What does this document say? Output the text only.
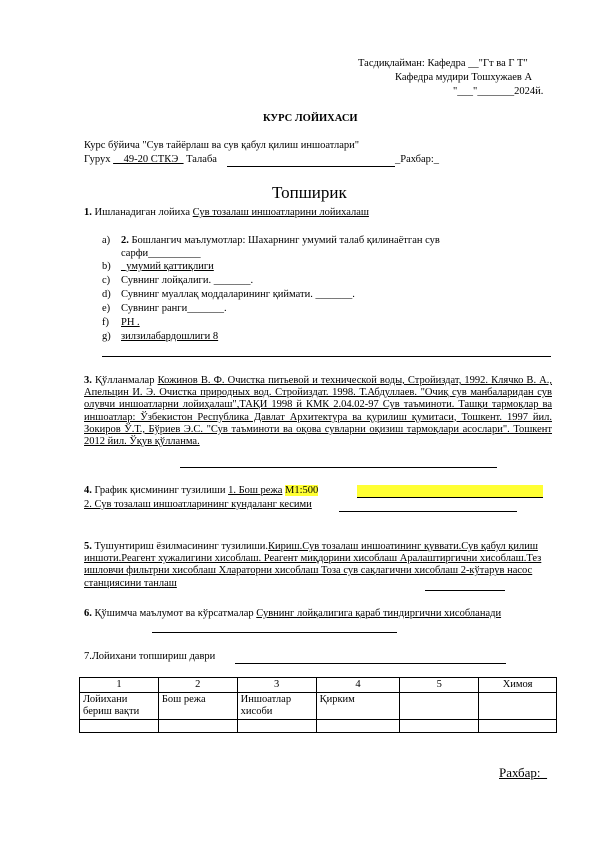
Тасдиқлайман: Кафедра __"Гт ва Г Т"
Кафедра мудири Тошхужаев А
"___"_______2024й.
КУРС ЛОЙИХАСИ
Курс бўйича "Сув тайёрлаш ва сув қабул қилиш иншоатлари"
Гурух __49-20 СТКЭ_ Талаба	_Рахбар:_
Топширик
1. Ишланадиган лойиха Сув тозалаш иншоатларини лойихалаш
a) 2. Бошлангич маълумотлар: Шахарнинг умумий талаб қилинаётган сув
сарфи__________
b) _умумий қаттиқлиги
c) Сувнинг лойқалиги. _______.
d) Сувнинг муаллақ моддаларининг қиймати. _______.
e) Сувнинг ранги_______.
f) РН .
g) зилзилабардошлиги 8
3. Қўлланмалар Кожинов В. Ф. Очистка питьевой и технической воды, Стройиздат, 1992. Клячко В. А., Апельцин И. Э. Очистка природных вод. Стройиздат. 1998. Т.Абдуллаев. "Очиқ сув манбаларидан сув олувчи иншоатларни лойиҳалаш",ТАҚИ 1998 й КМК 2.04.02-97 Сув таъминоти. Ташқи тармоқлар ва иншоатлар: Ўзбекистон Республика Давлат Архитектура ва қурилиш қумитаси, Тошкент. 1997 йил. Зокиров Ў.Т., Бўриев Э.С. "Сув таъминоти ва оқова сувларни оқизиш тармоқлари асослари". Тошкент 2012 йил. Ўқув қўлланма.
4. График қисмининг тузилиши 1. Бош режа М1:500
2. Сув тозалаш иншоатларининг кундаланг кесими
5. Тушунтириш ёзилмасининг тузилиши.Кириш.Сув тозалаш иншоатининг қуввати.Сув қабул қилиш иншоти.Реагент хужалигини хисоблаш. Реагент миқдорини хисоблаш Аралаштиргични хисоблаш.Тез ишловчи фильтрни хисоблаш Хлараторни хисоблаш Тоза сув сақлагични хисоблаш 2-кўтарув насос станциясини танлаш
6. Қўшимча маълумот ва кўрсатмалар Сувнинг лойқалигига қараб тиндиргични хисобланади
7.Лойихани топшириш даври
1	2	3	4	5	Химоя
Лойихани бериш вақти	Бош режа	Иншоатлар хисоби	Қирким		

Рахбар:_
